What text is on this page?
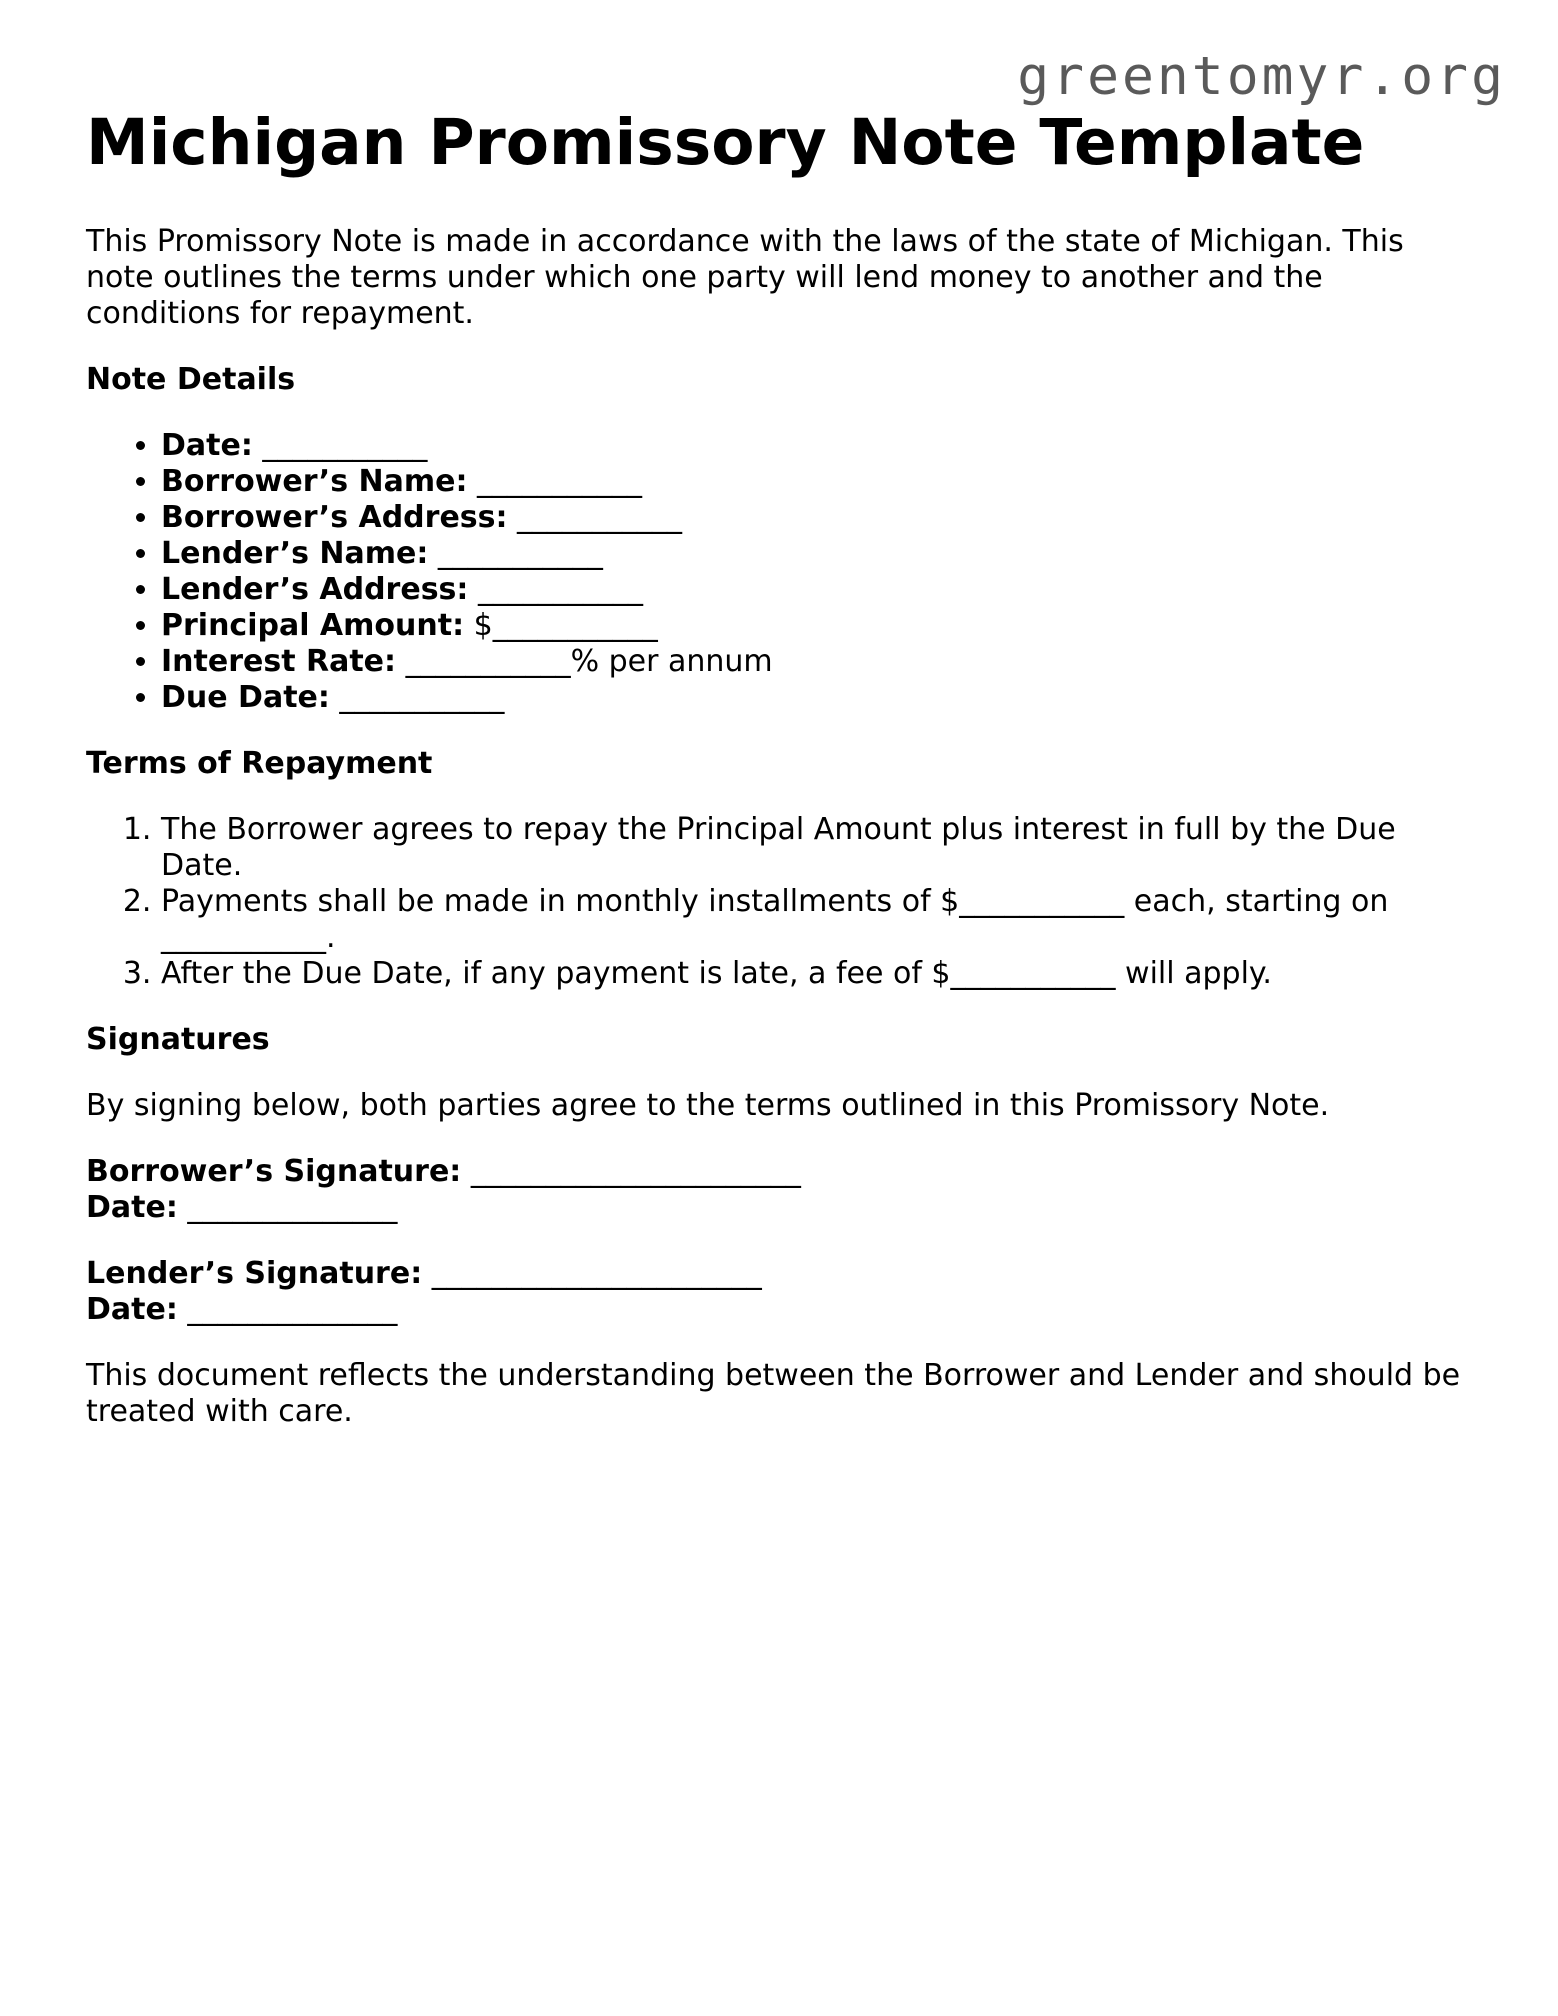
greentomyr.org
Michigan Promissory Note Template

This Promissory Note is made in accordance with the laws of the state of Michigan. This note outlines the terms under which one party will lend money to another and the conditions for repayment.

Note Details
• Date: ___________
• Borrower’s Name: ___________
• Borrower’s Address: ___________
• Lender’s Name: ___________
• Lender’s Address: ___________
• Principal Amount: $___________
• Interest Rate: ___________% per annum
• Due Date: ___________
Terms of Repayment
1. The Borrower agrees to repay the Principal Amount plus interest in full by the Due Date.
2. Payments shall be made in monthly installments of $___________ each, starting on ___________.
3. After the Due Date, if any payment is late, a fee of $___________ will apply.
Signatures

By signing below, both parties agree to the terms outlined in this Promissory Note.

Borrower’s Signature: ______________________
Date: ______________
Lender’s Signature: ______________________
Date: ______________

This document reflects the understanding between the Borrower and Lender and should be treated with care.
